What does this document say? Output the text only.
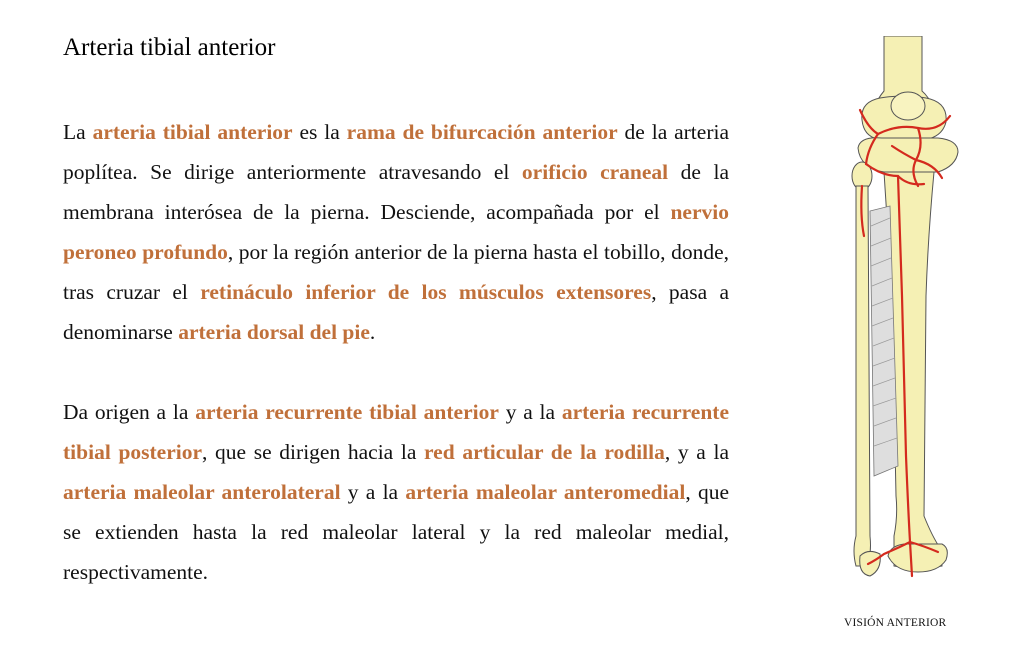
Arteria tibial anterior

La arteria tibial anterior es la rama de bifurcación anterior de la arteria poplítea. Se dirige anteriormente atravesando el orificio craneal de la membrana interósea de la pierna. Desciende, acompañada por el nervio peroneo profundo, por la región anterior de la pierna hasta el tobillo, donde, tras cruzar el retináculo inferior de los músculos extensores, pasa a denominarse arteria dorsal del pie.

Da origen a la arteria recurrente tibial anterior y a la arteria recurrente tibial posterior, que se dirigen hacia la red articular de la rodilla, y a la arteria maleolar anterolateral y a la arteria maleolar anteromedial, que se extienden hasta la red maleolar lateral y la red maleolar medial, respectivamente.

VISIÓN ANTERIOR
